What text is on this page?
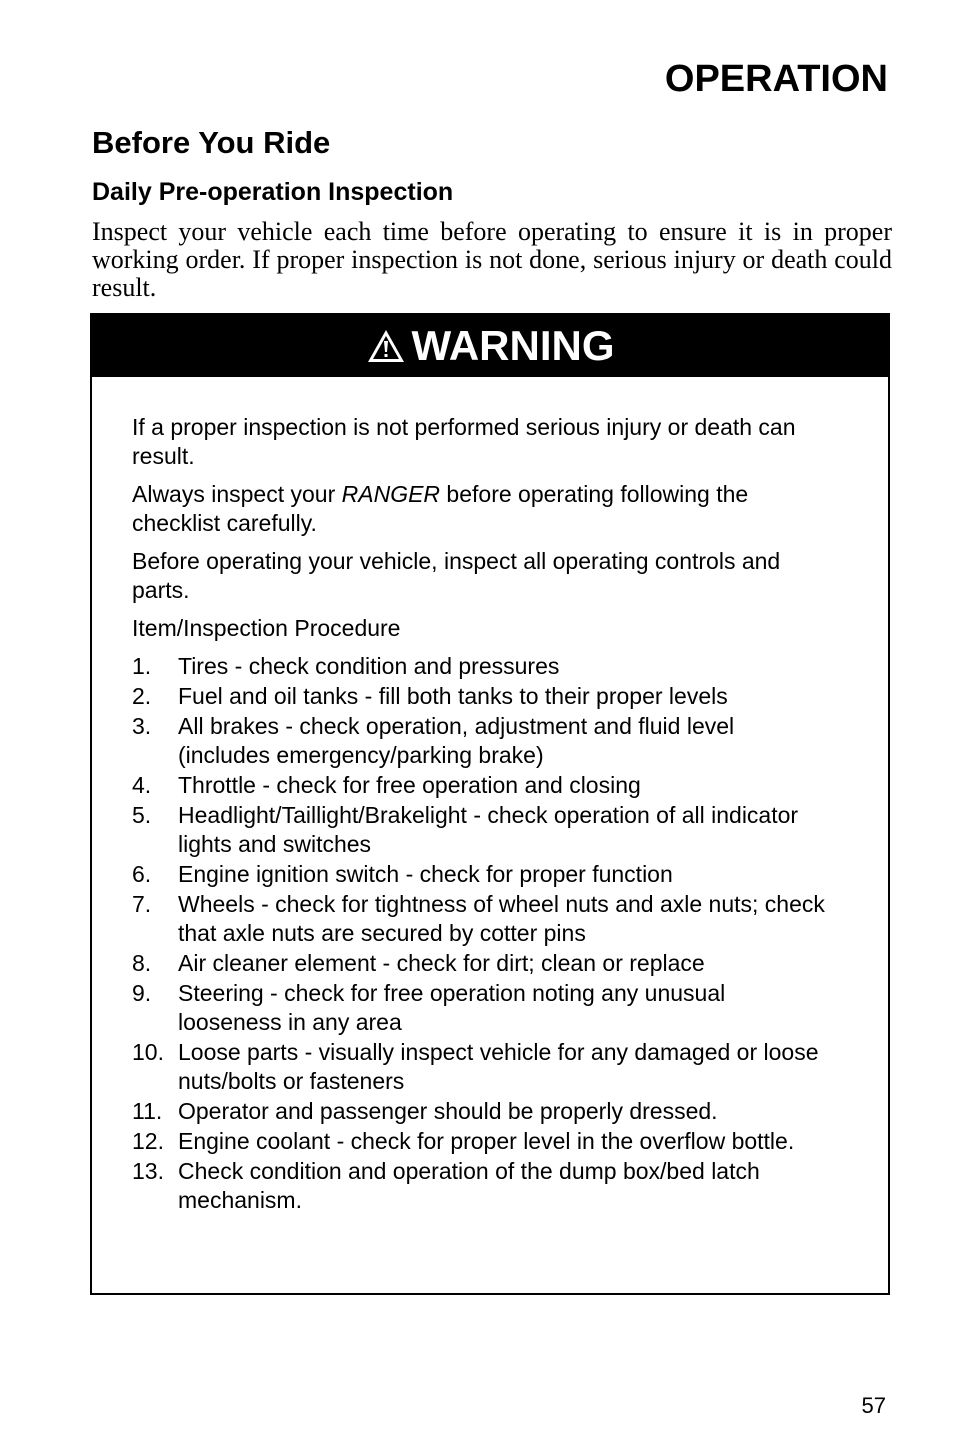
OPERATION
Before You Ride
Daily Pre-operation Inspection

Inspect your vehicle each time before operating to ensure it is in proper working order. If proper inspection is not done, serious injury or death could result.

WARNING

If a proper inspection is not performed serious injury or death can result.

Always inspect your RANGER before operating following the checklist carefully.

Before operating your vehicle, inspect all operating controls and parts.

Item/Inspection Procedure

1.	Tires - check condition and pressures
2.	Fuel and oil tanks - fill both tanks to their proper levels
3.	All brakes - check operation, adjustment and fluid level (includes emergency/parking brake)
4.	Throttle - check for free operation and closing
5.	Headlight/Taillight/Brakelight - check operation of all indicator lights and switches
6.	Engine ignition switch - check for proper function
7.	Wheels - check for tightness of wheel nuts and axle nuts; check that axle nuts are secured by cotter pins
8.	Air cleaner element - check for dirt; clean or replace
9.	Steering - check for free operation noting any unusual looseness in any area
10. Loose parts - visually inspect vehicle for any damaged or loose nuts/bolts or fasteners
11. Operator and passenger should be properly dressed.
12. Engine coolant - check for proper level in the overflow bottle.
13. Check condition and operation of the dump box/bed latch mechanism.
57
